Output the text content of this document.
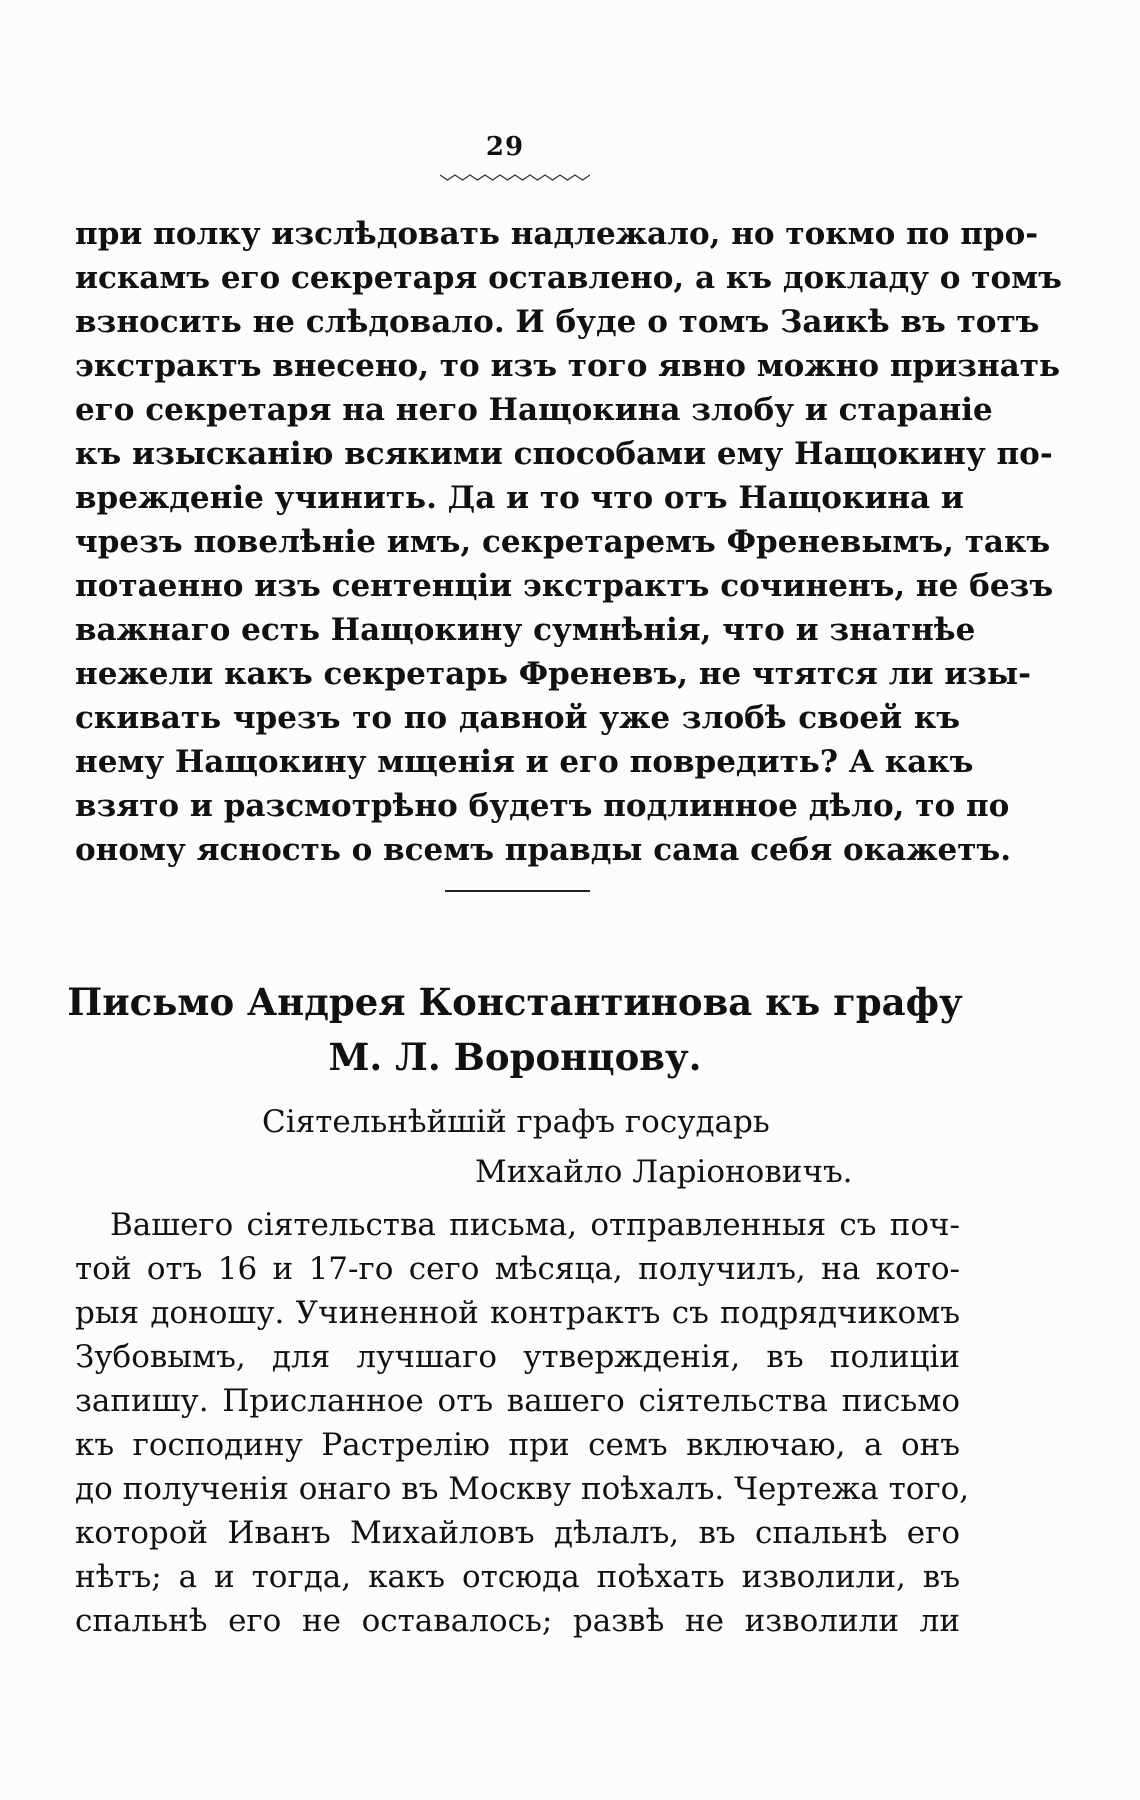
29
при полку изслѣдовать надлежало, но токмо по про-
искамъ его секретаря оставлено, а къ докладу о томъ
взносить не слѣдовало. И буде о томъ Заикѣ въ тотъ
экстрактъ внесено, то изъ того явно можно признать
его секретаря на него Нащокина злобу и стараніе
къ изысканію всякими способами ему Нащокину по-
врежденіе учинить. Да и то что отъ Нащокина и
чрезъ повелѣніе имъ, секретаремъ Френевымъ, такъ
потаенно изъ сентенціи экстрактъ сочиненъ, не безъ
важнаго есть Нащокину сумнѣнія, что и знатнѣе
нежели какъ секретарь Френевъ, не чтятся ли изы-
скивать чрезъ то по давной уже злобѣ своей къ
нему Нащокину мщенія и его повредить? А какъ
взято и разсмотрѣно будетъ подлинное дѣло, то по
оному ясность о всемъ правды сама себя окажетъ.
Письмо Андрея Константинова къ графу
М. Л. Воронцову.
Сіятельнѣйшій графъ государь
Михайло Ларіоновичъ.
Вашего сіятельства письма, отправленныя съ поч-
той отъ 16 и 17-го сего мѣсяца, получилъ, на кото-
рыя доношу. Учиненной контрактъ съ подрядчикомъ
Зубовымъ, для лучшаго утвержденія, въ полиціи
запишу. Присланное отъ вашего сіятельства письмо
къ господину Растрелію при семъ включаю, а онъ
до полученія онаго въ Москву поѣхалъ. Чертежа того,
которой Иванъ Михайловъ дѣлалъ, въ спальнѣ его
нѣтъ; а и тогда, какъ отсюда поѣхать изволили, въ
спальнѣ его не оставалось; развѣ не изволили ли
